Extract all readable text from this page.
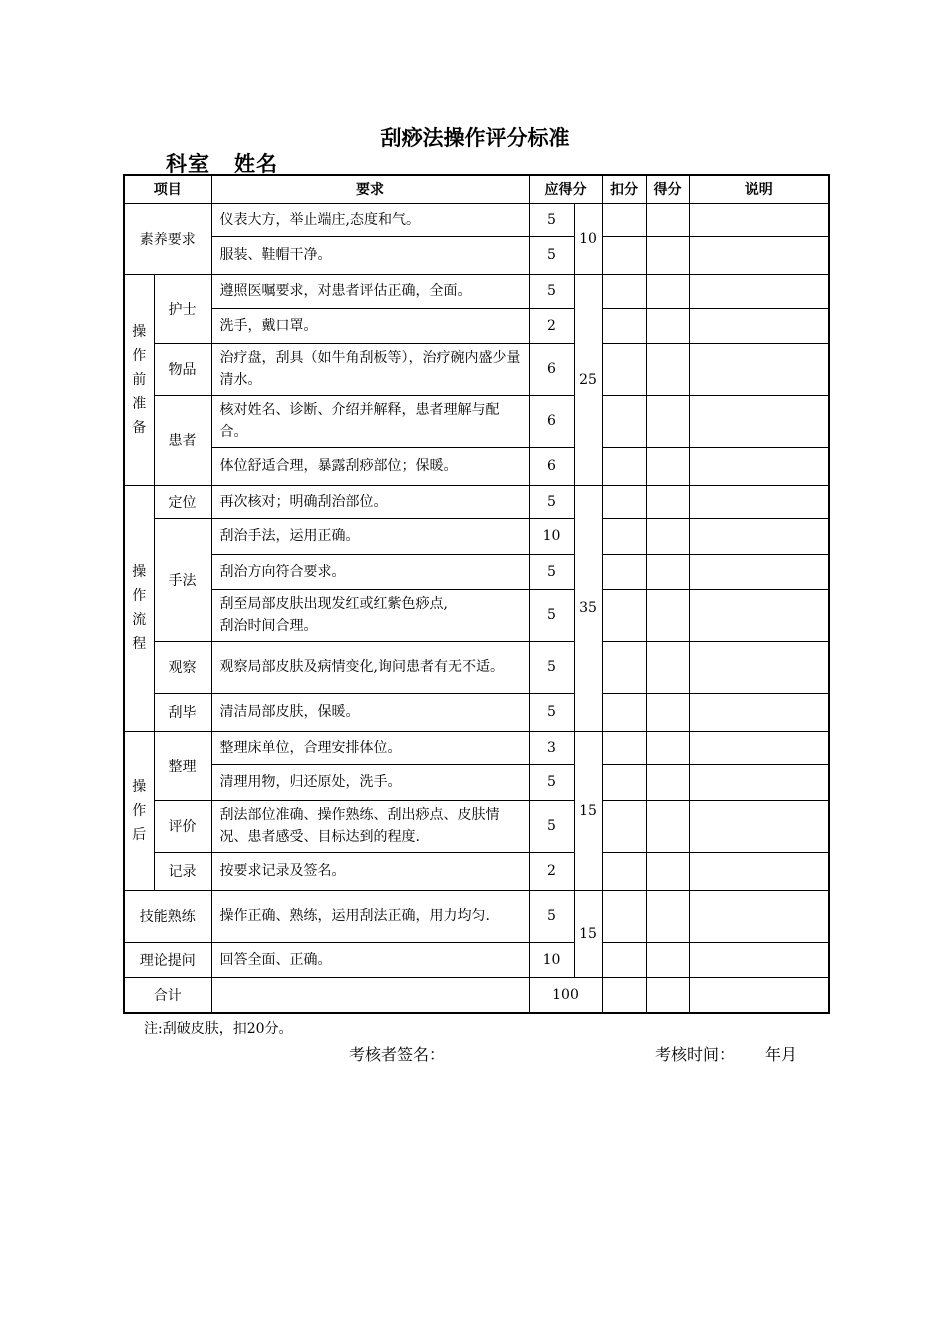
刮痧法操作评分标准
科室 姓名
项目		要求	应得分		扣分	得分	说明
素养要求		仪表大方，举止端庄,态度和气。	5	10			
		服装、鞋帽干净。	5				

操
作
前
准
备	护士	遵照医嘱要求，对患者评估正确，全面。	5	25			
		洗手，戴口罩。	2				
	物品	治疗盘，刮具（如牛角刮板等），治疗碗内盛少量清水。	6				
	患者	核对姓名、诊断、介绍并解释，患者理解与配合。	6				
		体位舒适合理，暴露刮痧部位；保暖。	6				

操
作
流
程	定位	再次核对；明确刮治部位。	5	35			
	手法	刮治手法，运用正确。	10				
		刮治方向符合要求。	5				
		刮至局部皮肤出现发红或红紫色痧点,
刮治时间合理。	5				
	观察	观察局部皮肤及病情变化,询问患者有无不适。	5				
	刮毕	清洁局部皮肤，保暖。	5				

操
作
后	整理	整理床单位，合理安排体位。	3	15			
		清理用物，归还原处，洗手。	5				
	评价	刮法部位准确、操作熟练、刮出痧点、皮肤情况、患者感受、目标达到的程度.	5				
	记录	按要求记录及签名。	2				
技能熟练		操作正确、熟练，运用刮法正确，用力均匀.	5	15			
理论提问		回答全面、正确。	10				
合计			100				
注:刮破皮肤，扣20分。
考核者签名：	考核时间： 年月
